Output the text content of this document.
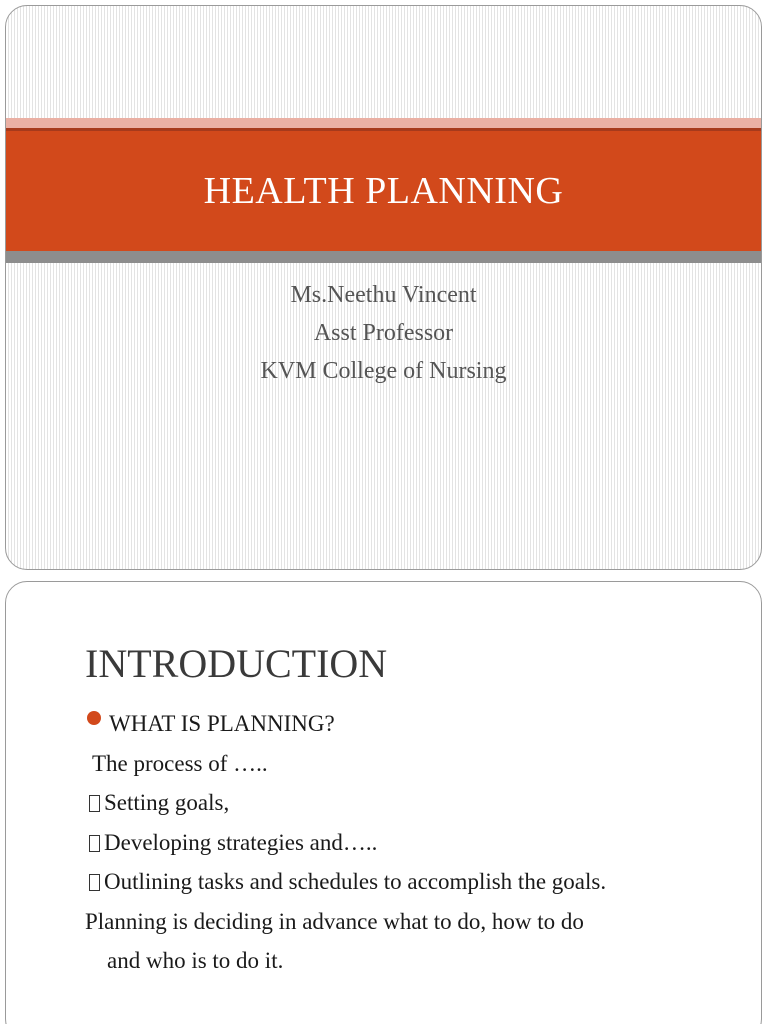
HEALTH PLANNING
Ms.Neethu Vincent
Asst Professor
KVM College of Nursing
INTRODUCTION
WHAT IS PLANNING?
The process of …..
Setting goals,
Developing strategies and…..
Outlining tasks and schedules to accomplish the goals.
Planning is deciding in advance what to do, how to do
and who is to do it.
